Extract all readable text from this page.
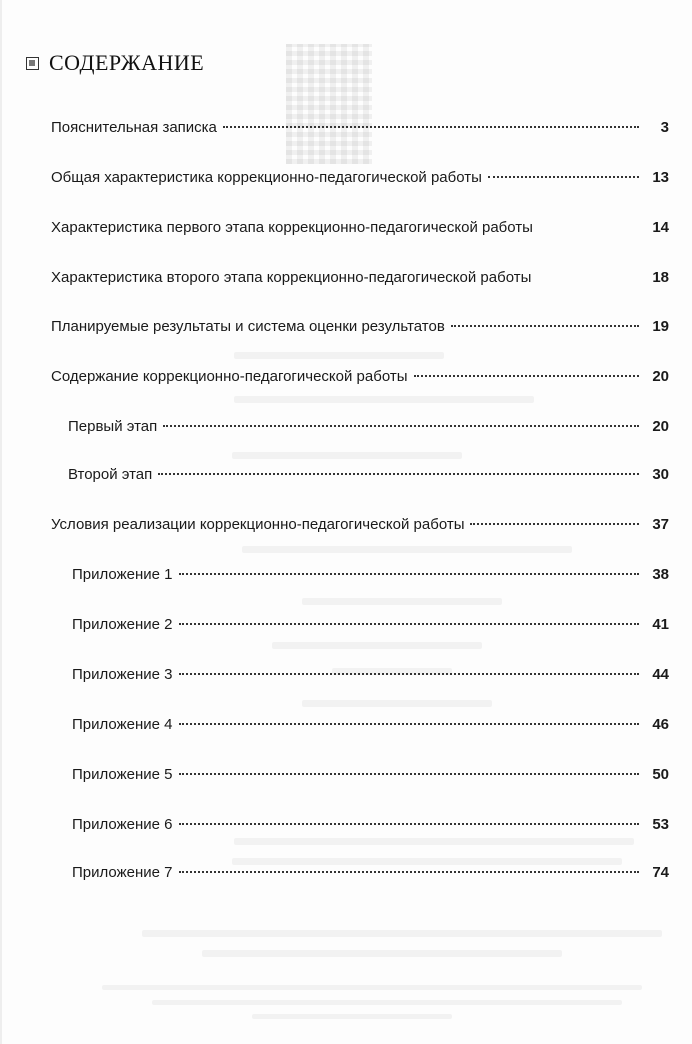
СОДЕРЖАНИЕ
Пояснительная записка	3
Общая характеристика коррекционно-педагогической работы	13
Характеристика первого этапа коррекционно-педагогической работы	14
Характеристика второго этапа коррекционно-педагогической работы	18
Планируемые результаты и система оценки результатов	19
Содержание коррекционно-педагогической работы	20
Первый этап	20
Второй этап	30
Условия реализации коррекционно-педагогической работы	37
Приложение 1	38
Приложение 2	41
Приложение 3	44
Приложение 4	46
Приложение 5	50
Приложение 6	53
Приложение 7	74
